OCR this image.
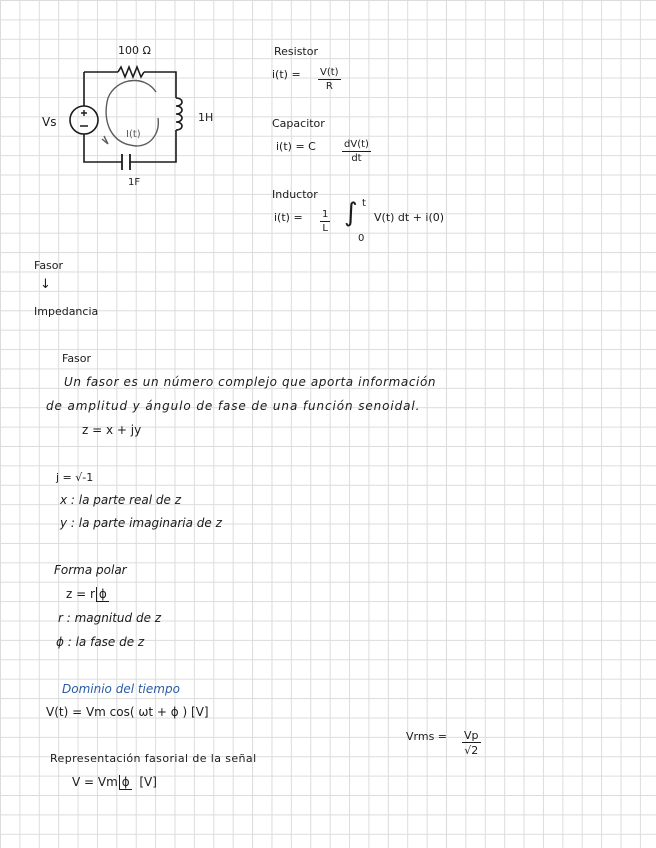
100 Ω
1H
1F
Vs
I(t)
Resistor
$i(t) = \frac{V(t)}{R}$
Capacitor
i(t) = C	$\frac{dV(t)}{dt}$
Inductor
$i(t) = \frac{1}{L}$ ∫ t
0
V(t) dt + i(0)
Fasor
↓
Impedancia
Fasor
Un fasor es un número complejo que aporta información
de amplitud y ángulo de fase de una función senoidal.
z = x + jy
j = √-1
x : la parte real de z
y : la parte imaginaria de z
Forma polar
z = r ϕ
r : magnitud de z
ϕ : la fase de z
Dominio del tiempo
V(t) = Vm cos( ωt + ϕ ) [V]
Vrms = $\frac{Vp}{√2}$
Representación fasorial de la señal
V = Vm ϕ [V]
